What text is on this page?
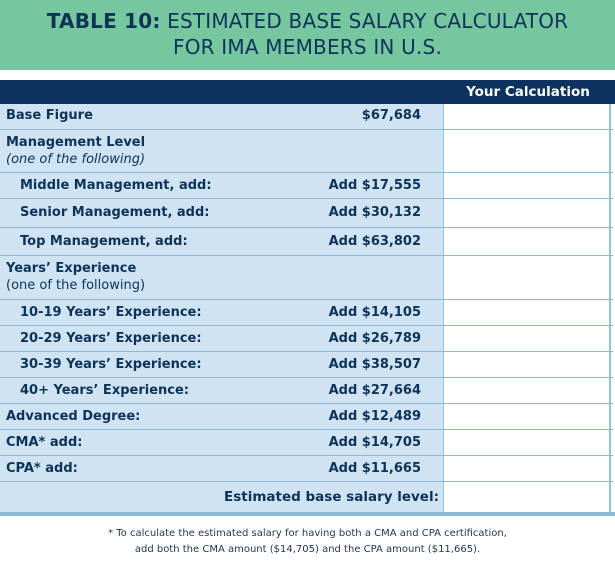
TABLE 10: ESTIMATED BASE SALARY CALCULATOR
FOR IMA MEMBERS IN U.S.
Your Calculation
Base Figure	$67,684
Management Level
(one of the following)
Middle Management, add:	Add $17,555
Senior Management, add:	Add $30,132
Top Management, add:	Add $63,802
Years’ Experience
(one of the following)
10-19 Years’ Experience:	Add $14,105
20-29 Years’ Experience:	Add $26,789
30-39 Years’ Experience:	Add $38,507
40+ Years’ Experience:	Add $27,664
Advanced Degree:	Add $12,489
CMA* add:	Add $14,705
CPA* add:	Add $11,665
Estimated base salary level:
* To calculate the estimated salary for having both a CMA and CPA certification,
add both the CMA amount ($14,705) and the CPA amount ($11,665).
